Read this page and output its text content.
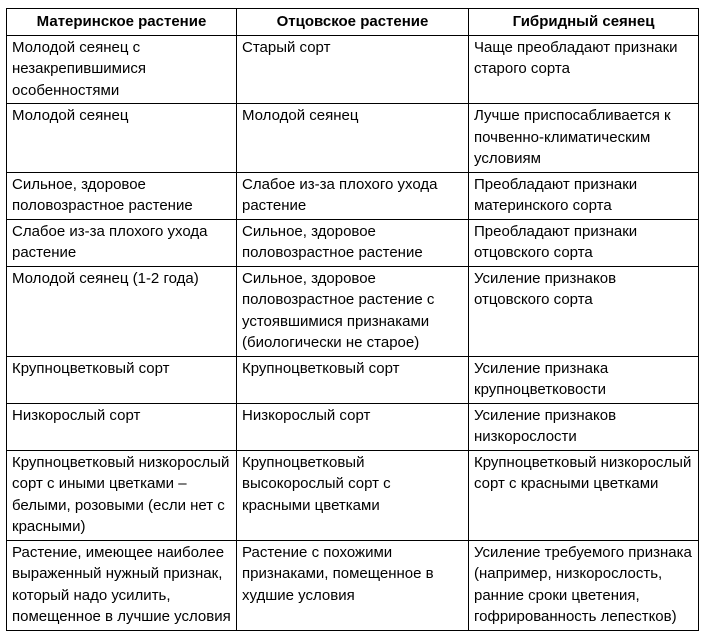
Материнское растение	Отцовское растение	Гибридный сеянец
Молодой сеянец с незакрепившимися особенностями	Старый сорт	Чаще преобладают признаки старого сорта
Молодой сеянец	Молодой сеянец	Лучше приспосабливается к почвенно-климатическим условиям
Сильное, здоровое половозрастное растение	Слабое из-за плохого ухода растение	Преобладают признаки материнского сорта
Слабое из-за плохого ухода растение	Сильное, здоровое половозрастное растение	Преобладают признаки отцовского сорта
Молодой сеянец (1-2 года)	Сильное, здоровое половозрастное растение с устоявшимися признаками (биологически не старое)	Усиление признаков отцовского сорта
Крупноцветковый сорт	Крупноцветковый сорт	Усиление признака крупноцветковости
Низкорослый сорт	Низкорослый сорт	Усиление признаков низкорослости
Крупноцветковый низкорослый сорт с иными цветками – белыми, розовыми (если нет с красными)	Крупноцветковый высокорослый сорт с красными цветками	Крупноцветковый низкорослый сорт с красными цветками
Растение, имеющее наиболее выраженный нужный признак, который надо усилить, помещенное в лучшие условия	Растение с похожими признаками, помещенное в худшие условия	Усиление требуемого признака (например, низкорослость, ранние сроки цветения, гофрированность лепестков)
